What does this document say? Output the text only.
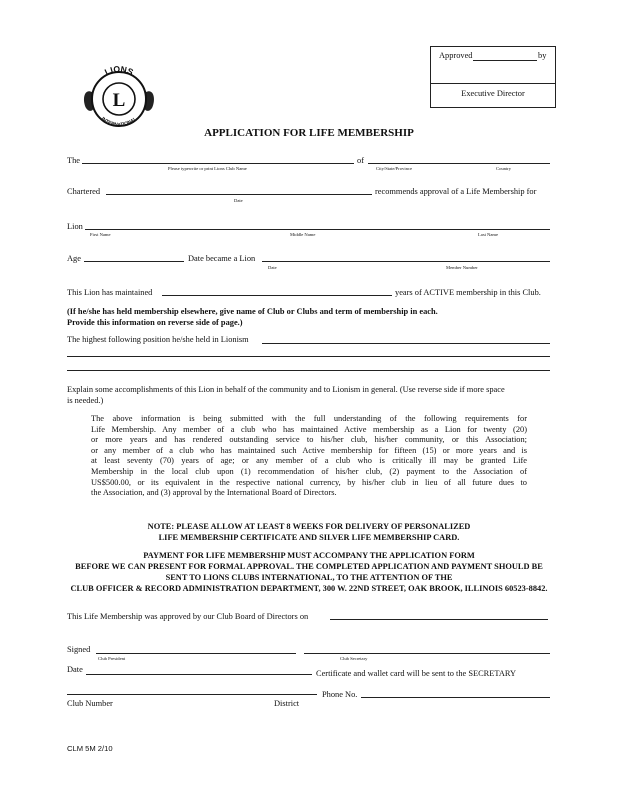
Approved	by
Executive Director
LIONS
INTERNATIONAL
L
APPLICATION FOR LIFE MEMBERSHIP
The
Please typewrite or print Lions Club Name
of
City/State/Province	Country
Chartered
Date
recommends approval of a Life Membership for
Lion
First Name	Middle Name	Last Name
Age	Date became a Lion
Date	Member Number
This Lion has maintained	years of ACTIVE membership in this Club.
(If he/she has held membership elsewhere, give name of Club or Clubs and term of membership in each.
Provide this information on reverse side of page.)
The highest following position he/she held in Lionism
Explain some accomplishments of this Lion in behalf of the community and to Lionism in general. (Use reverse side if more space
is needed.)
The above information is being submitted with the full understanding of the following requirements for
Life Membership. Any member of a club who has maintained Active membership as a Lion for twenty (20)
or more years and has rendered outstanding service to his/her club, his/her community, or this Association;
or any member of a club who has maintained such Active membership for fifteen (15) or more years and is
at least seventy (70) years of age; or any member of a club who is critically ill may be granted Life
Membership in the local club upon (1) recommendation of his/her club, (2) payment to the Association of
US$500.00, or its equivalent in the respective national currency, by his/her club in lieu of all future dues to
the Association, and (3) approval by the International Board of Directors.
NOTE: PLEASE ALLOW AT LEAST 8 WEEKS FOR DELIVERY OF PERSONALIZED
LIFE MEMBERSHIP CERTIFICATE AND SILVER LIFE MEMBERSHIP CARD.
PAYMENT FOR LIFE MEMBERSHIP MUST ACCOMPANY THE APPLICATION FORM
BEFORE WE CAN PRESENT FOR FORMAL APPROVAL. THE COMPLETED APPLICATION AND PAYMENT SHOULD BE
SENT TO LIONS CLUBS INTERNATIONAL, TO THE ATTENTION OF THE
CLUB OFFICER & RECORD ADMINISTRATION DEPARTMENT, 300 W. 22ND STREET, OAK BROOK, ILLINOIS 60523-8842.
This Life Membership was approved by our Club Board of Directors on
Signed
Club President	Club Secretary
Date	Certificate and wallet card will be sent to the SECRETARY
Phone No.
Club Number	District
CLM 5M 2/10
